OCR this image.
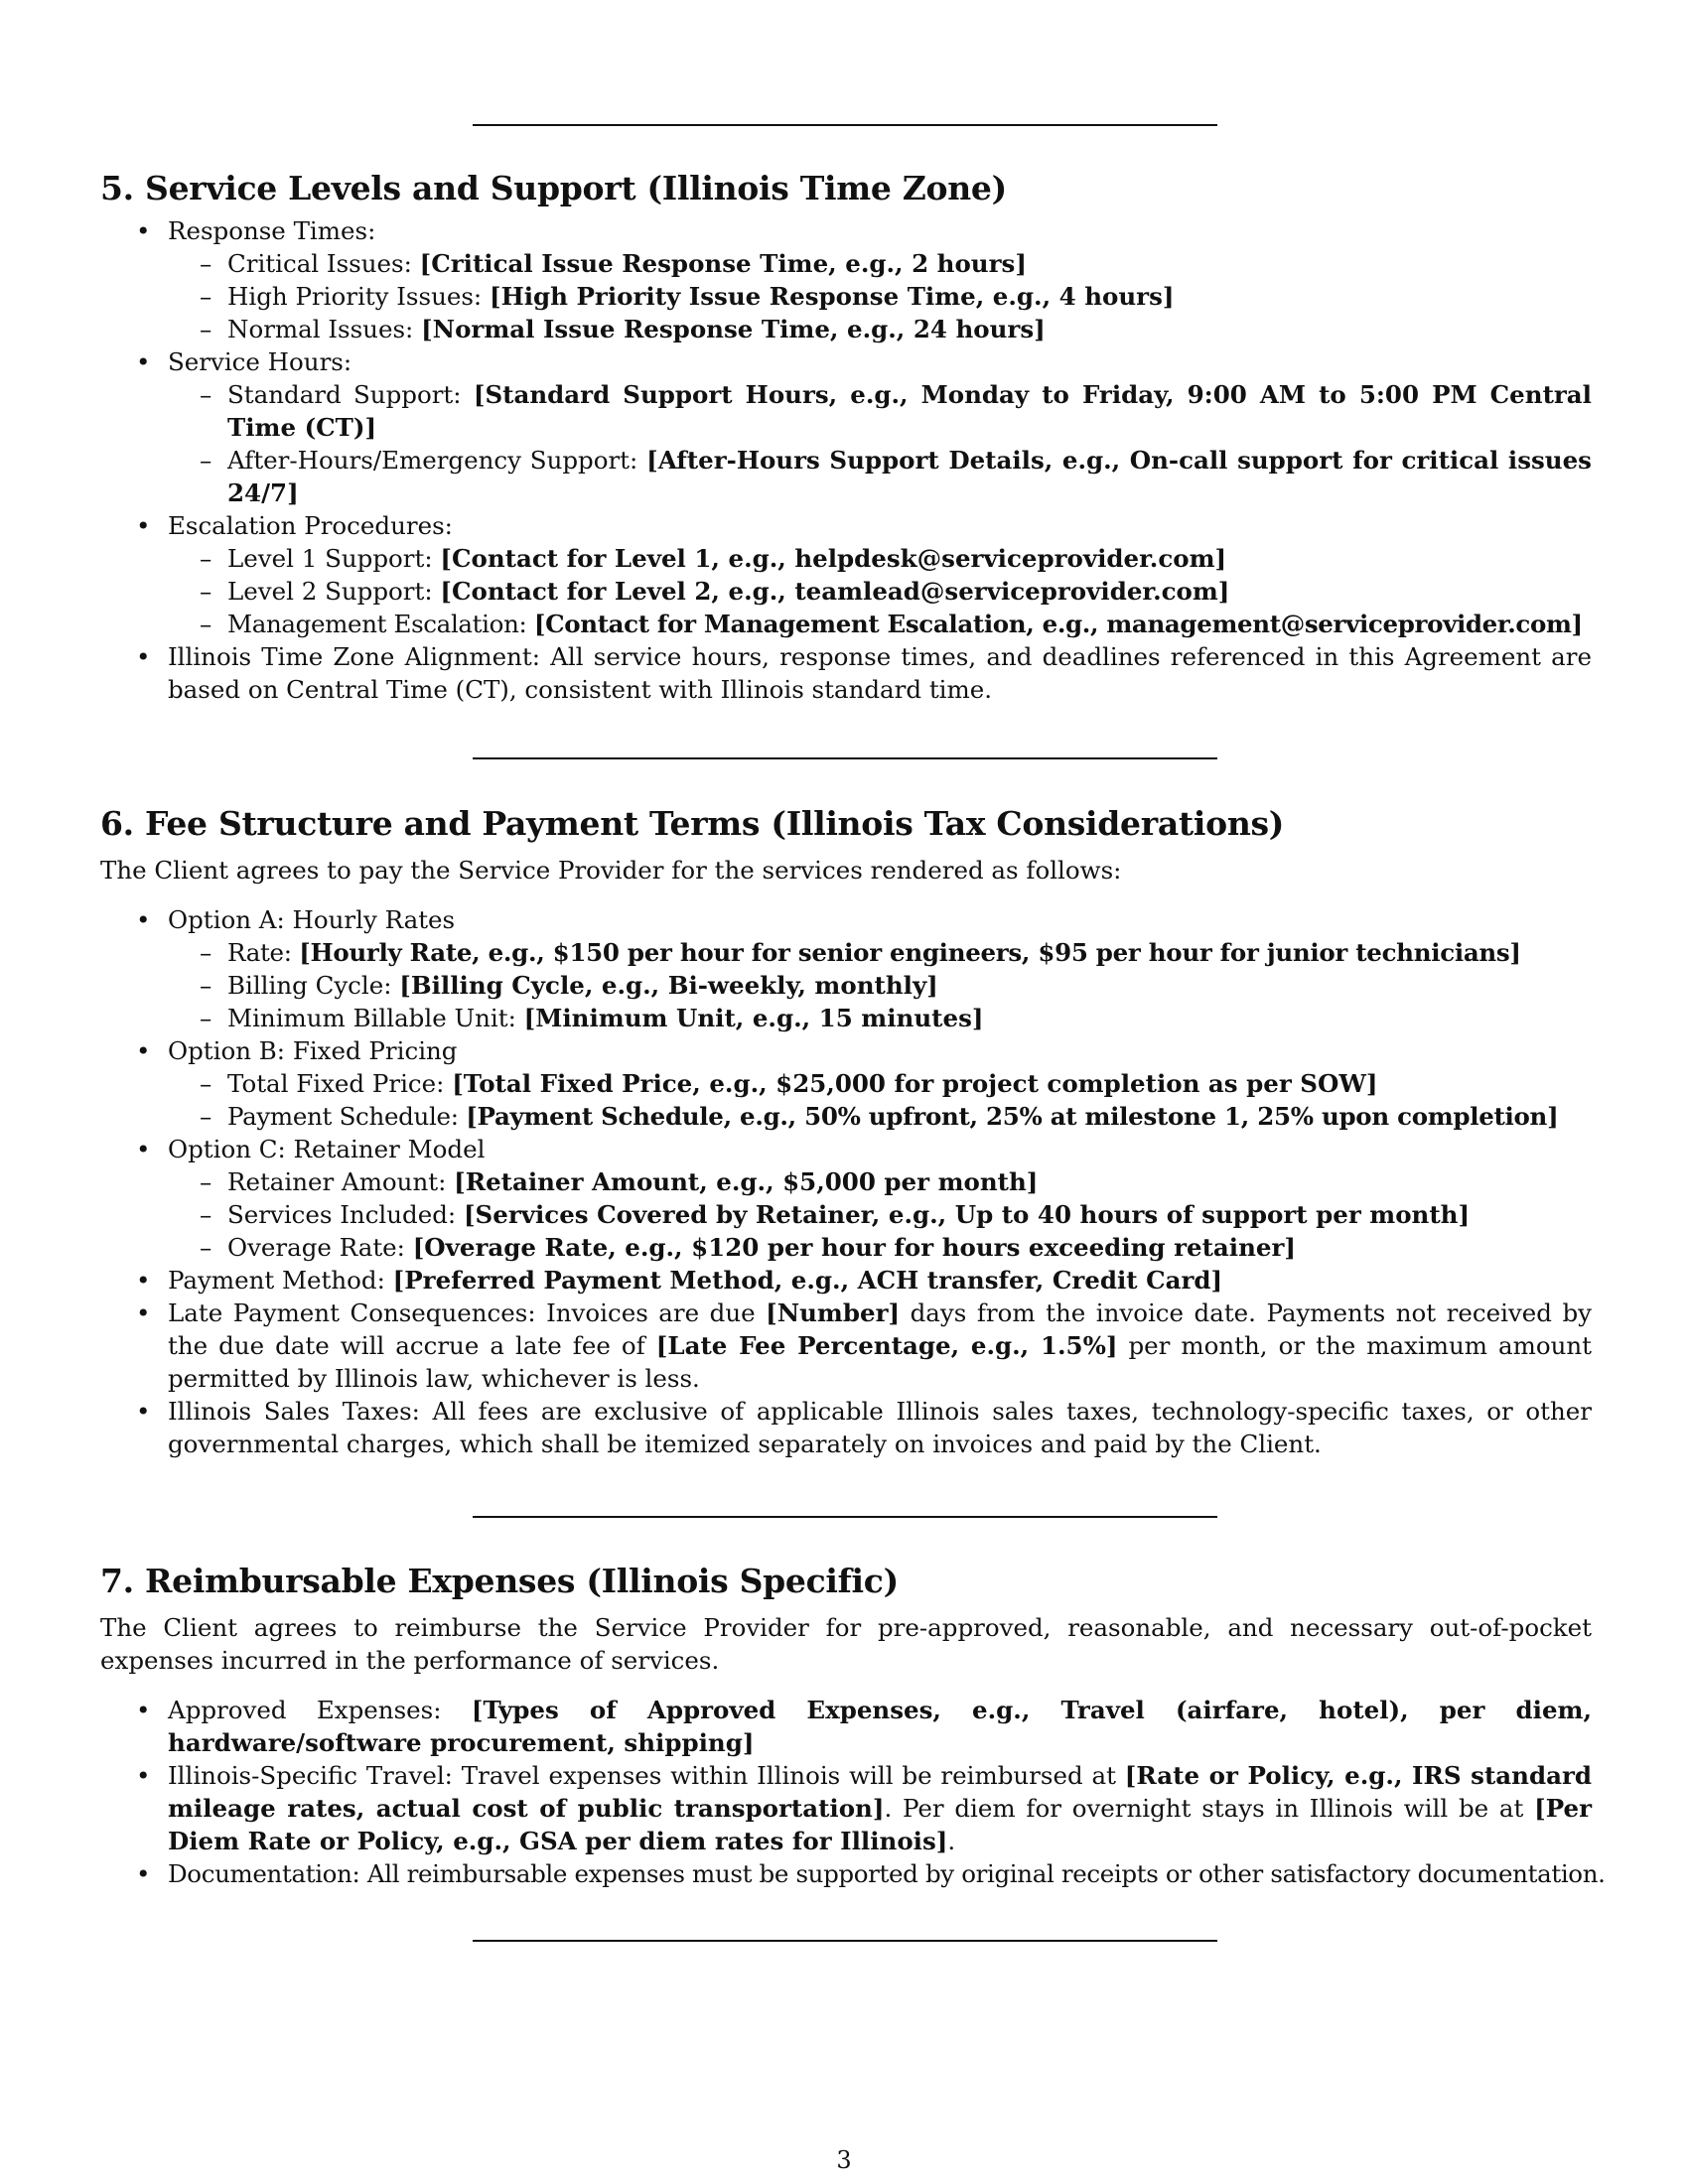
5. Service Levels and Support (Illinois Time Zone)
• Response Times:
– Critical Issues: [Critical Issue Response Time, e.g., 2 hours]
– High Priority Issues: [High Priority Issue Response Time, e.g., 4 hours]
– Normal Issues: [Normal Issue Response Time, e.g., 24 hours]
• Service Hours:
– Standard Support: [Standard Support Hours, e.g., Monday to Friday, 9:00 AM to 5:00 PM Central Time (CT)]
– After-Hours/Emergency Support: [After-Hours Support Details, e.g., On-call support for critical issues 24/7]
• Escalation Procedures:
– Level 1 Support: [Contact for Level 1, e.g., helpdesk@serviceprovider.com]
– Level 2 Support: [Contact for Level 2, e.g., teamlead@serviceprovider.com]
– Management Escalation: [Contact for Management Escalation, e.g., management@serviceprovider.com]
• Illinois Time Zone Alignment: All service hours, response times, and deadlines referenced in this Agreement are based on Central Time (CT), consistent with Illinois standard time.
6. Fee Structure and Payment Terms (Illinois Tax Considerations)

The Client agrees to pay the Service Provider for the services rendered as follows:

• Option A: Hourly Rates
– Rate: [Hourly Rate, e.g., $150 per hour for senior engineers, $95 per hour for junior technicians]
– Billing Cycle: [Billing Cycle, e.g., Bi-weekly, monthly]
– Minimum Billable Unit: [Minimum Unit, e.g., 15 minutes]
• Option B: Fixed Pricing
– Total Fixed Price: [Total Fixed Price, e.g., $25,000 for project completion as per SOW]
– Payment Schedule: [Payment Schedule, e.g., 50% upfront, 25% at milestone 1, 25% upon completion]
• Option C: Retainer Model
– Retainer Amount: [Retainer Amount, e.g., $5,000 per month]
– Services Included: [Services Covered by Retainer, e.g., Up to 40 hours of support per month]
– Overage Rate: [Overage Rate, e.g., $120 per hour for hours exceeding retainer]
• Payment Method: [Preferred Payment Method, e.g., ACH transfer, Credit Card]
• Late Payment Consequences: Invoices are due [Number] days from the invoice date. Payments not received by the due date will accrue a late fee of [Late Fee Percentage, e.g., 1.5%] per month, or the maximum amount permitted by Illinois law, whichever is less.
• Illinois Sales Taxes: All fees are exclusive of applicable Illinois sales taxes, technology-specific taxes, or other governmental charges, which shall be itemized separately on invoices and paid by the Client.
7. Reimbursable Expenses (Illinois Specific)

The Client agrees to reimburse the Service Provider for pre-approved, reasonable, and necessary out-of-pocket expenses incurred in the performance of services.

• Approved Expenses: [Types of Approved Expenses, e.g., Travel (airfare, hotel), per diem, hardware/software procurement, shipping]
• Illinois-Specific Travel: Travel expenses within Illinois will be reimbursed at [Rate or Policy, e.g., IRS standard mileage rates, actual cost of public transportation]. Per diem for overnight stays in Illinois will be at [Per Diem Rate or Policy, e.g., GSA per diem rates for Illinois].
• Documentation: All reimbursable expenses must be supported by original receipts or other satisfactory documentation.
3
